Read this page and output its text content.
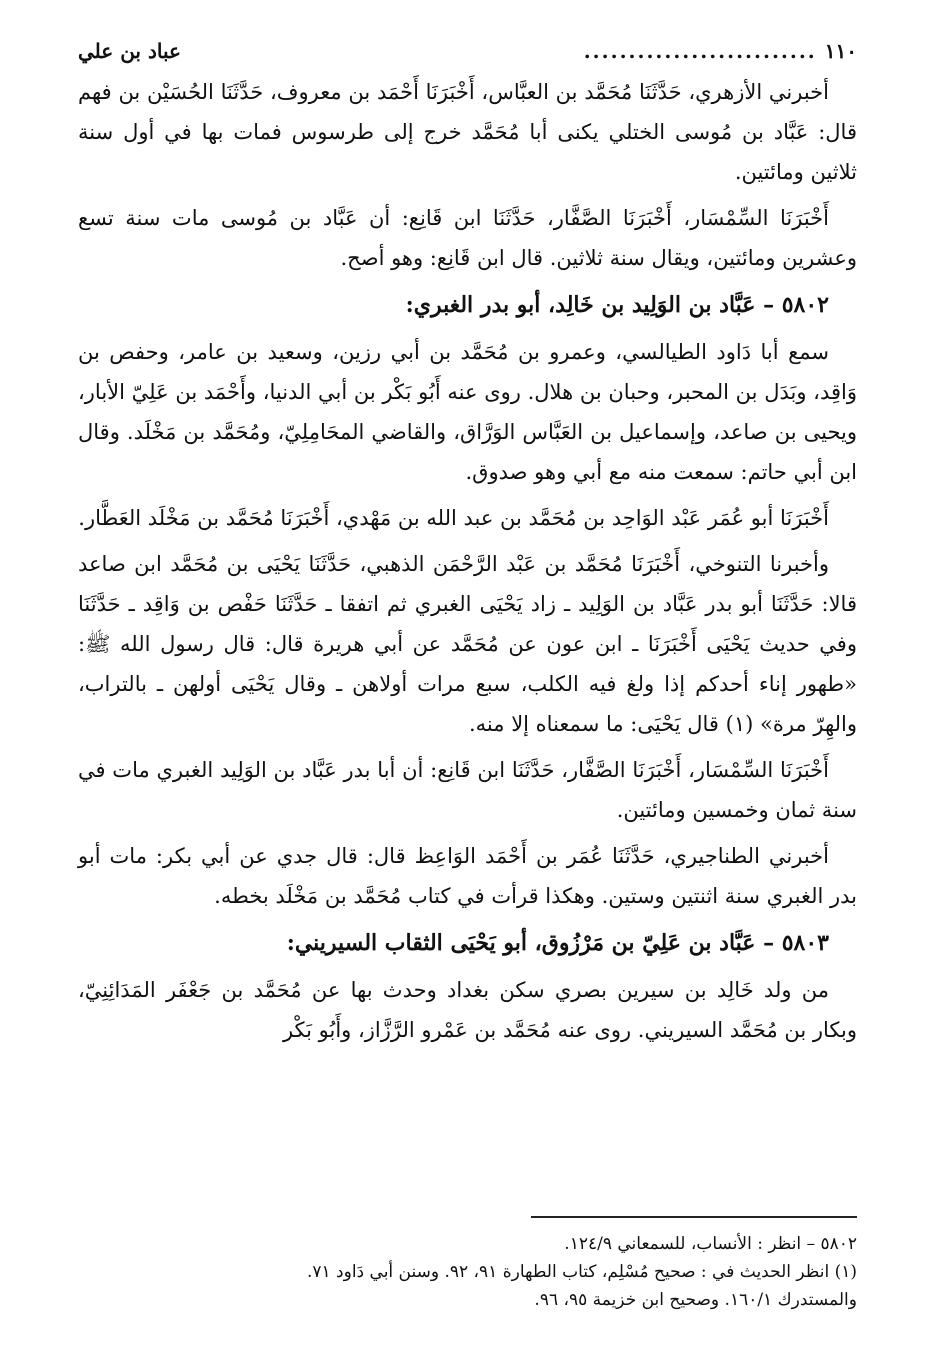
١١٠
..........................
عباد بن علي

أخبرني الأزهري، حَدَّثَنَا مُحَمَّد بن العبَّاس، أَخْبَرَنَا أَحْمَد بن معروف، حَدَّثَنَا الحُسَيْن بن فهم قال: عَبَّاد بن مُوسى الختلي يكنى أبا مُحَمَّد خرج إلى طرسوس فمات بها في أول سنة ثلاثين ومائتين.

أَخْبَرَنَا السِّمْسَار، أَخْبَرَنَا الصَّفَّار، حَدَّثَنَا ابن قَانِع: أن عَبَّاد بن مُوسى مات سنة تسع وعشرين ومائتين، ويقال سنة ثلاثين. قال ابن قَانِع: وهو أصح.

٥٨٠٢ – عَبَّاد بن الوَلِيد بن خَالِد، أبو بدر الغبري:

سمع أبا دَاود الطيالسي، وعمرو بن مُحَمَّد بن أبي رزين، وسعيد بن عامر، وحفص بن وَاقِد، وبَدَل بن المحبر، وحبان بن هلال. روى عنه أَبُو بَكْر بن أبي الدنيا، وأَحْمَد بن عَلِيّ الأبار، ويحيى بن صاعد، وإسماعيل بن العَبَّاس الوَرَّاق، والقاضي المحَامِلِيّ، ومُحَمَّد بن مَخْلَد. وقال ابن أبي حاتم: سمعت منه مع أبي وهو صدوق.

أَخْبَرَنَا أبو عُمَر عَبْد الوَاحِد بن مُحَمَّد بن عبد الله بن مَهْدي، أَخْبَرَنَا مُحَمَّد بن مَخْلَد العَطَّار.

وأخبرنا التنوخي، أَخْبَرَنَا مُحَمَّد بن عَبْد الرَّحْمَن الذهبي، حَدَّثَنَا يَحْيَى بن مُحَمَّد ابن صاعد قالا: حَدَّثَنَا أبو بدر عَبَّاد بن الوَلِيد ـ زاد يَحْيَى الغبري ثم اتفقا ـ حَدَّثَنَا حَفْص بن وَاقِد ـ حَدَّثَنَا وفي حديث يَحْيَى أَخْبَرَنَا ـ ابن عون عن مُحَمَّد عن أبي هريرة قال: قال رسول الله ﷺ: «طهور إناء أحدكم إذا ولغ فيه الكلب، سبع مرات أولاهن ـ وقال يَحْيَى أولهن ـ بالتراب، والهِرّ مرة» (١) قال يَحْيَى: ما سمعناه إلا منه.

أَخْبَرَنَا السِّمْسَار، أَخْبَرَنَا الصَّفَّار، حَدَّثَنَا ابن قَانِع: أن أبا بدر عَبَّاد بن الوَلِيد الغبري مات في سنة ثمان وخمسين ومائتين.

أخبرني الطناجيري، حَدَّثَنَا عُمَر بن أَحْمَد الوَاعِظ قال: قال جدي عن أبي بكر: مات أبو بدر الغبري سنة اثنتين وستين. وهكذا قرأت في كتاب مُحَمَّد بن مَخْلَد بخطه.

٥٨٠٣ – عَبَّاد بن عَلِيّ بن مَرْزُوق، أبو يَحْيَى الثقاب السيريني:

من ولد خَالِد بن سيرين بصري سكن بغداد وحدث بها عن مُحَمَّد بن جَعْفَر المَدَائِنِيّ، وبكار بن مُحَمَّد السيريني. روى عنه مُحَمَّد بن عَمْرو الرَّزَّاز، وأَبُو بَكْر

٥٨٠٢ – انظر : الأنساب، للسمعاني ١٢٤/٩.

(١) انظر الحديث في : صحيح مُسْلِم، كتاب الطهارة ٩١، ٩٢. وسنن أبي دَاود ٧١.

والمستدرك ١٦٠/١. وصحيح ابن خزيمة ٩٥، ٩٦.
